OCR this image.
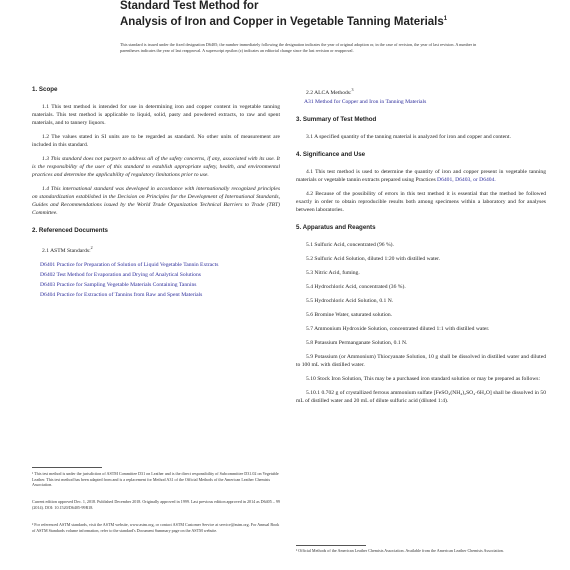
Standard Test Method for
Analysis of Iron and Copper in Vegetable Tanning Materials$^1$
This standard is issued under the fixed designation D6405; the number immediately following the designation indicates the year of original adoption or, in the case of revision, the year of last revision. A number in parentheses indicates the year of last reapproval. A superscript epsilon (ε) indicates an editorial change since the last revision or reapproval.
1. Scope

1.1 This test method is intended for use in determining iron and copper content in vegetable tanning materials. This test method is applicable to liquid, solid, pasty and powdered extracts, to raw and spent materials, and to tannery liquors.

1.2 The values stated in SI units are to be regarded as standard. No other units of measurement are included in this standard.

1.3 This standard does not purport to address all of the safety concerns, if any, associated with its use. It is the responsibility of the user of this standard to establish appropriate safety, health, and environmental practices and determine the applicability of regulatory limitations prior to use.

1.4 This international standard was developed in accordance with internationally recognized principles on standardization established in the Decision on Principles for the Development of International Standards, Guides and Recommendations issued by the World Trade Organization Technical Barriers to Trade (TBT) Committee.

2. Referenced Documents

2.1 ASTM Standards:$^2$

D6401 Practice for Preparation of Solution of Liquid Vegetable Tannin Extracts
D6402 Test Method for Evaporation and Drying of Analytical Solutions
D6403 Practice for Sampling Vegetable Materials Containing Tannins
D6404 Practice for Extraction of Tannins from Raw and Spent Materials
¹ This test method is under the jurisdiction of ASTM Committee D31 on Leather and is the direct responsibility of Subcommittee D31.02 on Vegetable Leather. This test method has been adapted from and is a replacement for Method A31 of the Official Methods of the American Leather Chemists Association.
Current edition approved Dec. 1, 2018. Published December 2018. Originally approved in 1999. Last previous edition approved in 2014 as D6405 – 99 (2014). DOI: 10.1520/D6405-99R18.
² For referenced ASTM standards, visit the ASTM website, www.astm.org, or contact ASTM Customer Service at service@astm.org. For Annual Book of ASTM Standards volume information, refer to the standard's Document Summary page on the ASTM website.

2.2 ALCA Methods:$^3$

A31 Method for Copper and Iron in Tanning Materials
3. Summary of Test Method

3.1 A specified quantity of the tanning material is analyzed for iron and copper and content.

4. Significance and Use

4.1 This test method is used to determine the quantity of iron and copper present in vegetable tanning materials or vegetable tannin extracts prepared using Practices D6401, D6403, or D6404.

4.2 Because of the possibility of errors in this test method it is essential that the method be followed exactly in order to obtain reproducible results both among specimens within a laboratory and for analyses between laboratories.

5. Apparatus and Reagents

5.1 Sulfuric Acid, concentrated (96 %).

5.2 Sulfuric Acid Solution, diluted 1:20 with distilled water.

5.3 Nitric Acid, fuming.

5.4 Hydrochloric Acid, concentrated (36 %).

5.5 Hydrochloric Acid Solution, 0.1 N.

5.6 Bromine Water, saturated solution.

5.7 Ammonium Hydroxide Solution, concentrated diluted 1:1 with distilled water.

5.8 Potassium Permanganate Solution, 0.1 N.

5.9 Potassium (or Ammonium) Thiocyanate Solution, 10 g shall be dissolved in distilled water and diluted to 100 mL with distilled water.

5.10 Stock Iron Solution, This may be a purchased iron standard solution or may be prepared as follows:

5.10.1 0.702 g of crystallized ferrous ammonium sulfate [FeSO₄(NH₄)₂SO₄·6H₂O] shall be dissolved in 50 mL of distilled water and 20 mL of dilute sulfuric acid (diluted 1:4).

³ Official Methods of the American Leather Chemists Association. Available from the American Leather Chemists Association.
